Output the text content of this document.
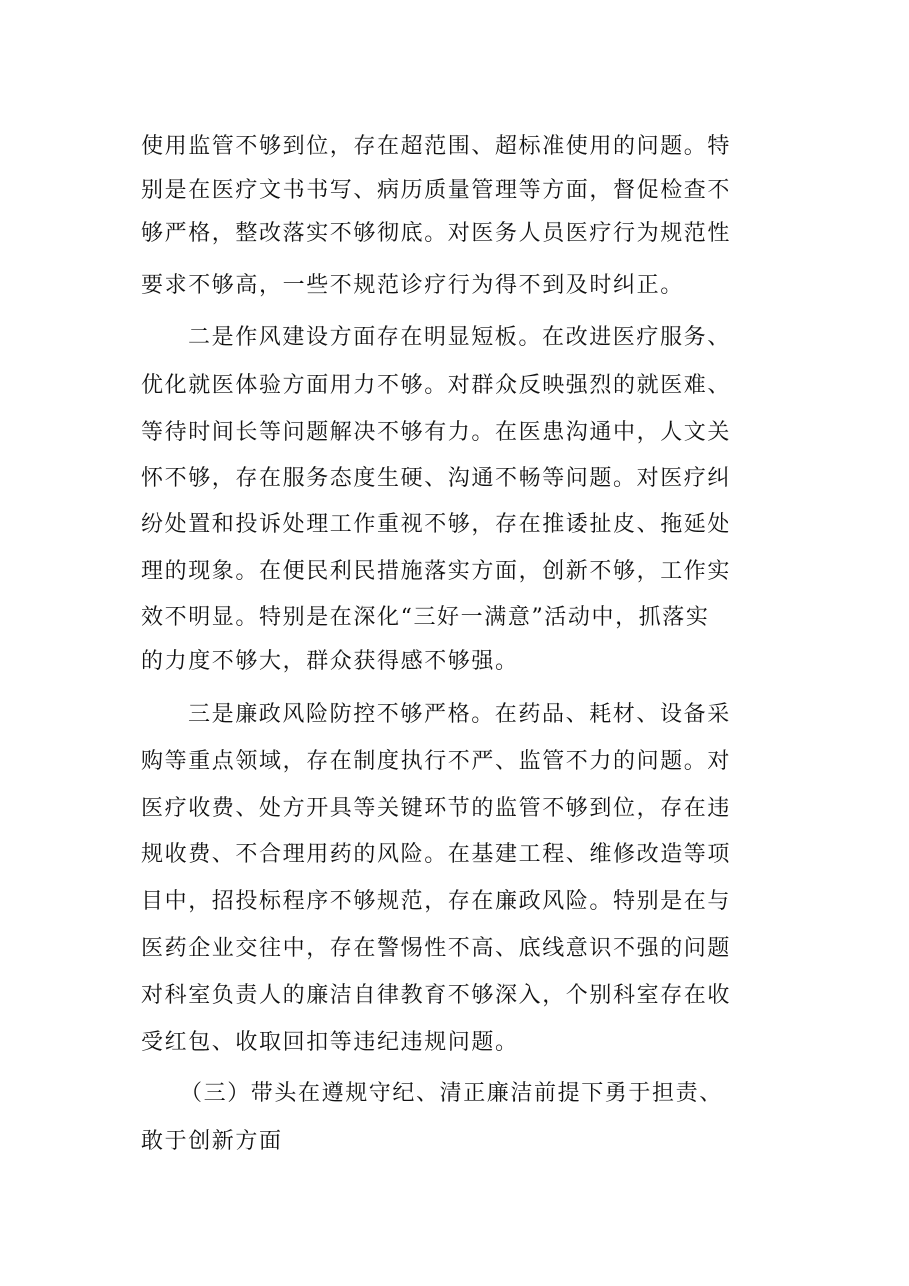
使用监管不够到位，存在超范围、超标准使用的问题。特
别是在医疗文书书写、病历质量管理等方面，督促检查不
够严格，整改落实不够彻底。对医务人员医疗行为规范性
要求不够高，一些不规范诊疗行为得不到及时纠正。
二是作风建设方面存在明显短板。在改进医疗服务、
优化就医体验方面用力不够。对群众反映强烈的就医难、
等待时间长等问题解决不够有力。在医患沟通中，人文关
怀不够，存在服务态度生硬、沟通不畅等问题。对医疗纠
纷处置和投诉处理工作重视不够，存在推诿扯皮、拖延处
理的现象。在便民利民措施落实方面，创新不够，工作实
效不明显。特别是在深化“三好一满意”活动中，抓落实
的力度不够大，群众获得感不够强。
三是廉政风险防控不够严格。在药品、耗材、设备采
购等重点领域，存在制度执行不严、监管不力的问题。对
医疗收费、处方开具等关键环节的监管不够到位，存在违
规收费、不合理用药的风险。在基建工程、维修改造等项
目中，招投标程序不够规范，存在廉政风险。特别是在与
医药企业交往中，存在警惕性不高、底线意识不强的问题
对科室负责人的廉洁自律教育不够深入，个别科室存在收
受红包、收取回扣等违纪违规问题。
（三）带头在遵规守纪、清正廉洁前提下勇于担责、
敢于创新方面
